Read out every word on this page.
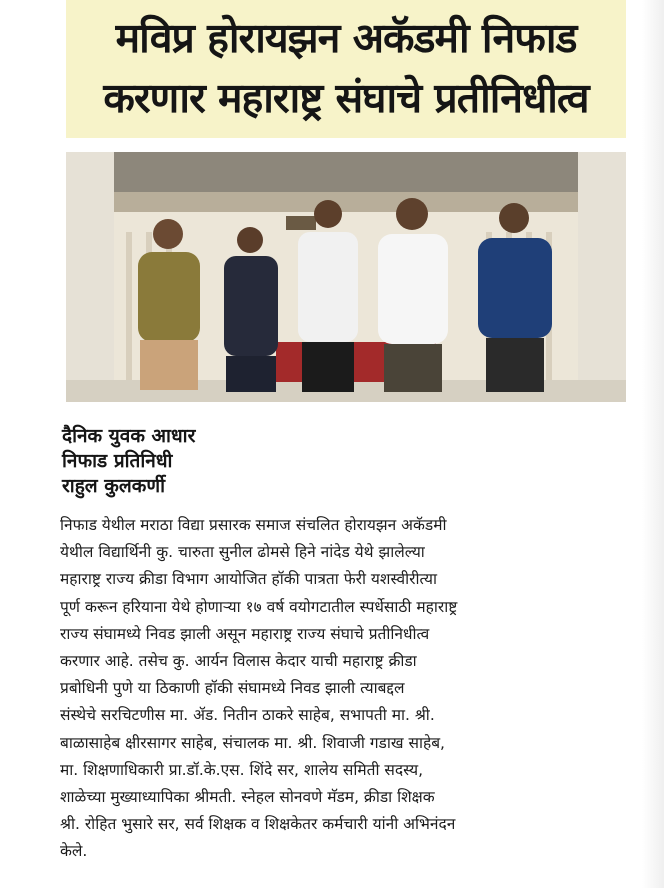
मविप्र होरायझन अकॅडमी निफाड
करणार महाराष्ट्र संघाचे प्रतीनिधीत्व
दैनिक युवक आधार
निफाड प्रतिनिधी
राहुल कुलकर्णी
निफाड येथील मराठा विद्या प्रसारक समाज संचलित होरायझन अकॅडमी
येथील विद्यार्थिनी कु. चारुता सुनील ढोमसे हिने नांदेड येथे झालेल्या
महाराष्ट्र राज्य क्रीडा विभाग आयोजित हॉकी पात्रता फेरी यशस्वीरीत्या
पूर्ण करून हरियाना येथे होणाऱ्या १७ वर्ष वयोगटातील स्पर्धेसाठी महाराष्ट्र
राज्य संघामध्ये निवड झाली असून महाराष्ट्र राज्य संघाचे प्रतीनिधीत्व
करणार आहे. तसेच कु. आर्यन विलास केदार याची महाराष्ट्र क्रीडा
प्रबोधिनी पुणे या ठिकाणी हॉकी संघामध्ये निवड झाली त्याबद्दल
संस्थेचे सरचिटणीस मा. ॲड. नितीन ठाकरे साहेब, सभापती मा. श्री.
बाळासाहेब क्षीरसागर साहेब, संचालक मा. श्री. शिवाजी गडाख साहेब,
मा. शिक्षणाधिकारी प्रा.डॉ.के.एस. शिंदे सर, शालेय समिती सदस्य,
शाळेच्या मुख्याध्यापिका श्रीमती. स्नेहल सोनवणे मॅडम, क्रीडा शिक्षक
श्री. रोहित भुसारे सर, सर्व शिक्षक व शिक्षकेतर कर्मचारी यांनी अभिनंदन
केले.
